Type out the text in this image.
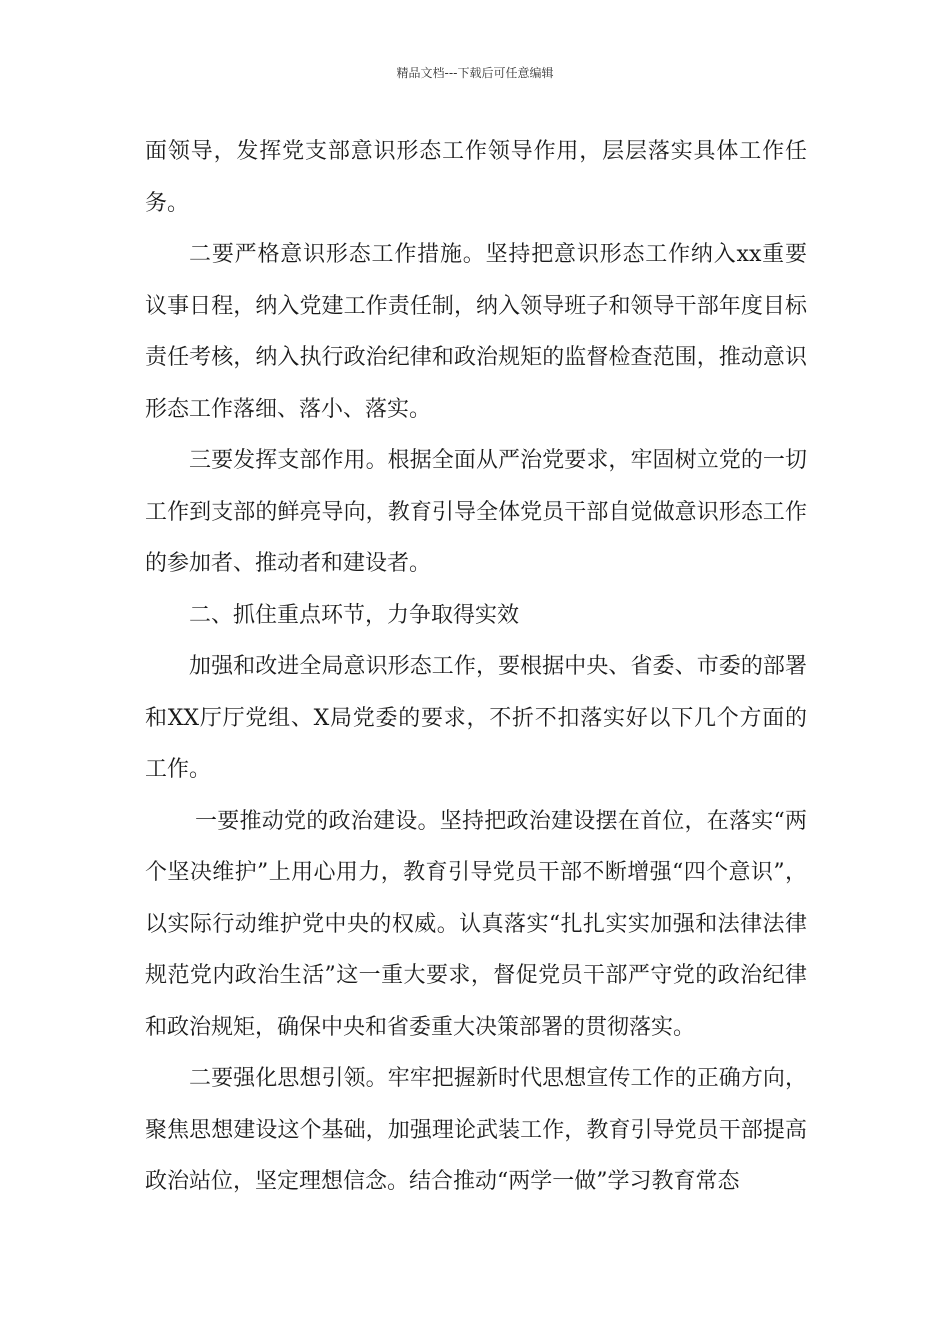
精品文档---下载后可任意编辑

面领导，发挥党支部意识形态工作领导作用，层层落实具体工作任务。

二要严格意识形态工作措施。坚持把意识形态工作纳入xx重要议事日程，纳入党建工作责任制，纳入领导班子和领导干部年度目标责任考核，纳入执行政治纪律和政治规矩的监督检查范围，推动意识形态工作落细、落小、落实。

三要发挥支部作用。根据全面从严治党要求，牢固树立党的一切工作到支部的鲜亮导向，教育引导全体党员干部自觉做意识形态工作的参加者、推动者和建设者。

二、抓住重点环节，力争取得实效

加强和改进全局意识形态工作，要根据中央、省委、市委的部署和XX厅厅党组、X局党委的要求，不折不扣落实好以下几个方面的工作。

一要推动党的政治建设。坚持把政治建设摆在首位，在落实“两个坚决维护”上用心用力，教育引导党员干部不断增强“四个意识”，以实际行动维护党中央的权威。认真落实“扎扎实实加强和法律法律规范党内政治生活”这一重大要求，督促党员干部严守党的政治纪律和政治规矩，确保中央和省委重大决策部署的贯彻落实。

二要强化思想引领。牢牢把握新时代思想宣传工作的正确方向，聚焦思想建设这个基础，加强理论武装工作，教育引导党员干部提高政治站位，坚定理想信念。结合推动“两学一做”学习教育常态
